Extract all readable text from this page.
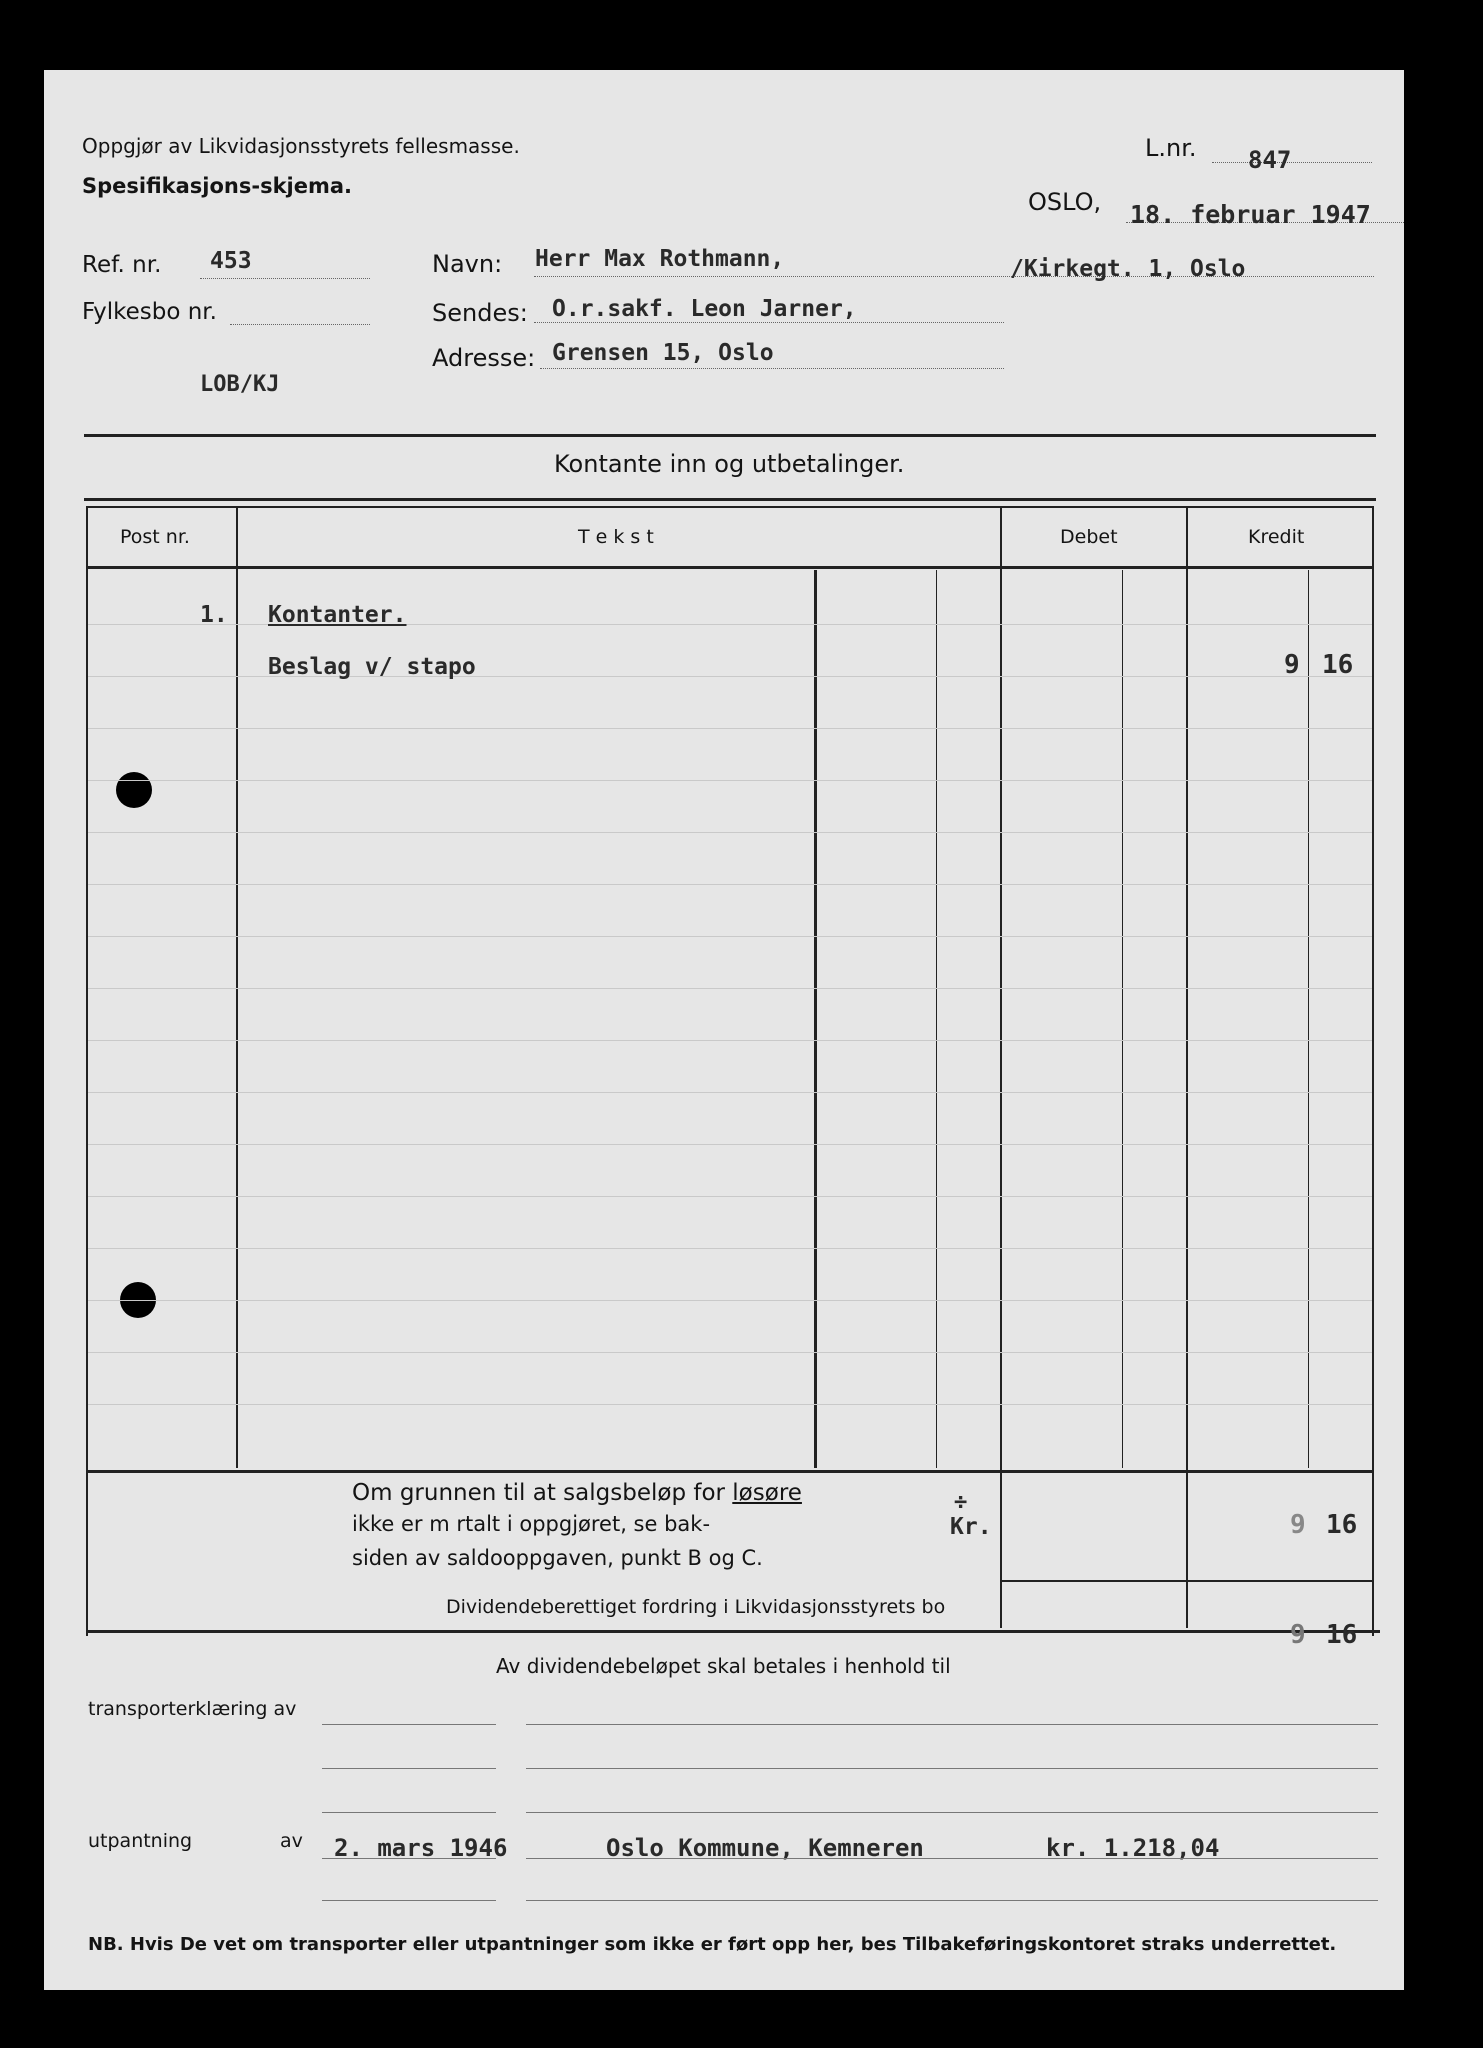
Oppgjør av Likvidasjonsstyrets fellesmasse.
Spesifikasjons-skjema.
L.nr. 847
OSLO, 18. februar 1947
Ref. nr. 453
Fylkesbo nr.
LOB/KJ
Navn: Herr Max Rothmann,	/Kirkegt. 1, Oslo
Sendes: O.r.sakf. Leon Jarner,
Adresse: Grensen 15, Oslo
Kontante inn og utbetalinger.
Post nr.	T e k s t	Debet	Kredit
1. Kontanter.
Beslag v/ stapo	9 16
Om grunnen til at salgsbeløp for løsøre
ikke er m rtalt i oppgjøret, se bak-
siden av saldooppgaven, punkt B og C.
÷
Kr.	9 16
Dividendeberettiget fordring i Likvidasjonsstyrets bo
9 16
Av dividendebeløpet skal betales i henhold til
transporterklæring av
utpantning	av 2. mars 1946	Oslo Kommune, Kemneren	kr. 1.218,04
NB. Hvis De vet om transporter eller utpantninger som ikke er ført opp her, bes Tilbakeføringskontoret straks underrettet.
